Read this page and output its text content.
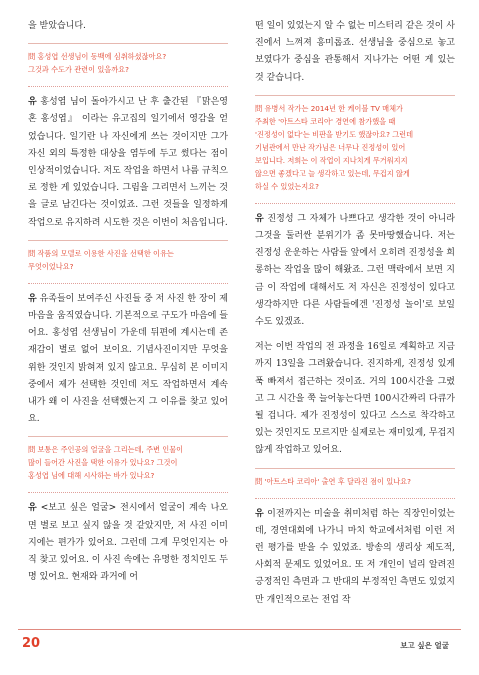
을 받았습니다.

問 홍성엽 선생님이 동백에 심취하셨잖아요?
그것과 수도가 관련이 있을까요?

유 홍성엽 님이 돌아가시고 난 후 출간된 『맑은영혼 홍성엽』 이라는 유고집의 일기에서 영감을 얻었습니다. 일기란 나 자신에게 쓰는 것이지만 그가 자신 외의 특정한 대상을 염두에 두고 썼다는 점이 인상적이었습니다. 저도 작업을 하면서 나름 규칙으로 정한 게 있었습니다. 그림을 그리면서 느끼는 것을 글로 남긴다는 것이었죠. 그런 것들을 일정하게 작업으로 유지하려 시도한 것은 이번이 처음입니다.

問 작품의 모델로 이용한 사진을 선택한 이유는
무엇이었나요?

유 유족들이 보여주신 사진들 중 저 사진 한 장이 제 마음을 움직였습니다. 기본적으로 구도가 마음에 들어요. 홍성엽 선생님이 가운데 뒤편에 계시는데 존재감이 별로 없어 보이요. 기념사진이지만 무엇을 위한 것인지 밝혀져 있지 않고요. 무심히 본 이미지 중에서 제가 선택한 것인데 저도 작업하면서 계속 내가 왜 이 사진을 선택했는지 그 이유를 찾고 있어요.

問 보통은 주인공의 얼굴을 그리는데, 주변 인물이
많이 들어간 사진을 택한 이유가 있나요? 그것이
홍성엽 님에 대해 시사하는 바가 있나요?

유 <보고 싶은 얼굴> 전시에서 얼굴이 계속 나오면 별로 보고 싶지 않을 것 같았지만, 저 사진 이미지에는 편가가 있어요. 그런데 그게 무엇인지는 아직 찾고 있어요. 이 사진 속에는 유명한 정치인도 두 명 있어요. 현재와 과거에 어

떤 일이 있었는지 알 수 없는 미스터리 같은 것이 사진에서 느껴져 흥미롭죠. 선생님을 중심으로 놓고 보였다가 중심을 관통해서 지나가는 어떤 게 있는 것 같습니다.

問 유병서 작가는 2014년 한 케이블 TV 매체가
주최한 '아트스타 코리아' 경연에 참가했을 때
'진정성이 없다'는 비판을 받기도 했잖아요? 그런데
기념관에서 만난 작가님은 너무나 진정성이 있어
보입니다. 저희는 이 작업이 지나치게 무거워지지
않으면 좋겠다고 늘 생각하고 있는데, 무겁지 않게
하실 수 있었는지요?

유 진정성 그 자체가 나쁘다고 생각한 것이 아니라 그것을 둘러싼 분위기가 좀 못마땅했습니다. 저는 진정성 운운하는 사람들 앞에서 오히려 진정성을 희롱하는 작업을 많이 해왔죠. 그런 맥락에서 보면 지금 이 작업에 대해서도 저 자신은 진정성이 있다고 생각하지만 다른 사람들에겐 '진정성 놀이'로 보일 수도 있겠죠.

저는 이번 작업의 전 과정을 16일로 계획하고 지금까지 13일을 그려왔습니다. 진지하게, 진정성 있게 푹 빠져서 접근하는 것이죠. 거의 100시간을 그렸고 그 시간을 쭉 늘어놓는다면 100시간짜리 다큐가 될 겁니다. 제가 진정성이 있다고 스스로 착각하고 있는 것인지도 모르지만 실제로는 재미있게, 무겁지 않게 작업하고 있어요.

問 '아트스타 코리아' 출연 후 달라진 점이 있나요?

유 이전까지는 미술을 취미처럼 하는 직장인이었는데, 경연대회에 나가니 마치 학교에서처럼 이런 저런 평가를 받을 수 있었죠. 방송의 생리상 제도적, 사회적 문제도 있었어요. 또 저 개인이 널리 알려진 긍정적인 측면과 그 반대의 부정적인 측면도 있었지만 개인적으로는 전업 작

20	보고 싶은 얼굴
